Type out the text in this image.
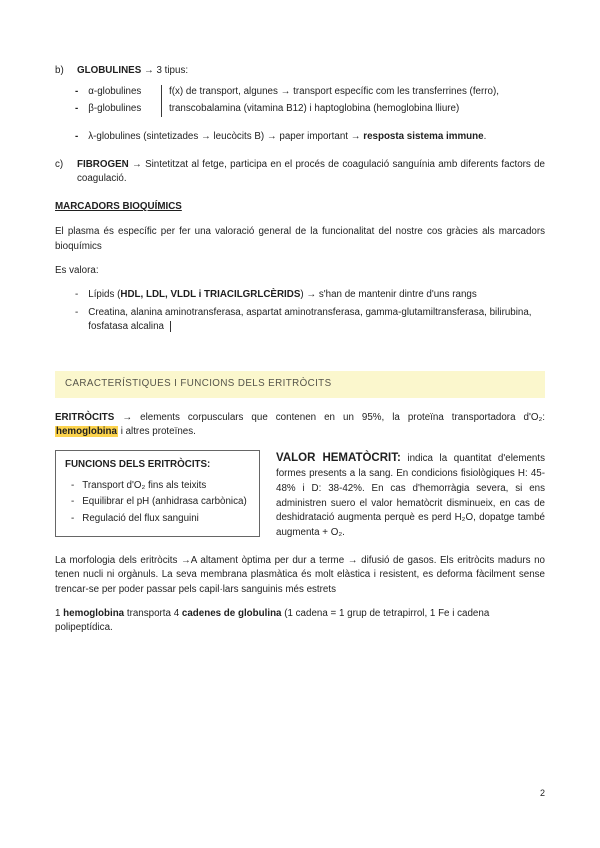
b)	GLOBULINES → 3 tipus:
- α-globulines
- β-globulines
f(x) de transport, algunes → transport específic com les transferrines (ferro),
transcobalamina (vitamina B12) i haptoglobina (hemoglobina lliure)
- λ-globulines (sintetizades → leucòcits B) → paper important → resposta sistema immune.
c)	FIBROGEN → Sintetitzat al fetge, participa en el procés de coagulació sanguínia amb diferents factors de coagulació.
MARCADORS BIOQUÍMICS

El plasma és específic per fer una valoració general de la funcionalitat del nostre cos gràcies als marcadors bioquímics

Es valora:

- Lípids (HDL, LDL, VLDL i TRIACILGRLCÈRIDS) → s'han de mantenir dintre d'uns rangs
- Creatina, alanina aminotransferasa, aspartat aminotransferasa, gamma-glutamiltransferasa, bilirubina, fosfatasa alcalina
CARACTERÍSTIQUES I FUNCIONS DELS ERITRÒCITS

ERITRÒCITS → elements corpusculars que contenen en un 95%, la proteïna transportadora d'O₂: hemoglobina i altres proteïnes.

FUNCIONS DELS ERITRÒCITS:
- Transport d'O₂ fins als teixits
- Equilibrar el pH (anhidrasa carbònica)
- Regulació del flux sanguini
VALOR HEMATÒCRIT: indica la quantitat d'elements formes presents a la sang. En condicions fisiològiques H: 45-48% i D: 38-42%. En cas d'hemorràgia severa, si ens administren suero el valor hematòcrit disminueix, en cas de deshidratació augmenta perquè es perd H₂O, dopatge també augmenta + O₂.

La morfologia dels eritròcits →A altament òptima per dur a terme → difusió de gasos. Els eritròcits madurs no tenen nucli ni orgànuls. La seva membrana plasmàtica és molt elàstica i resistent, es deforma fàcilment sense trencar-se per poder passar pels capil·lars sanguinis més estrets

1 hemoglobina transporta 4 cadenes de globulina (1 cadena = 1 grup de tetrapirrol, 1 Fe i cadena polipeptídica.

2
